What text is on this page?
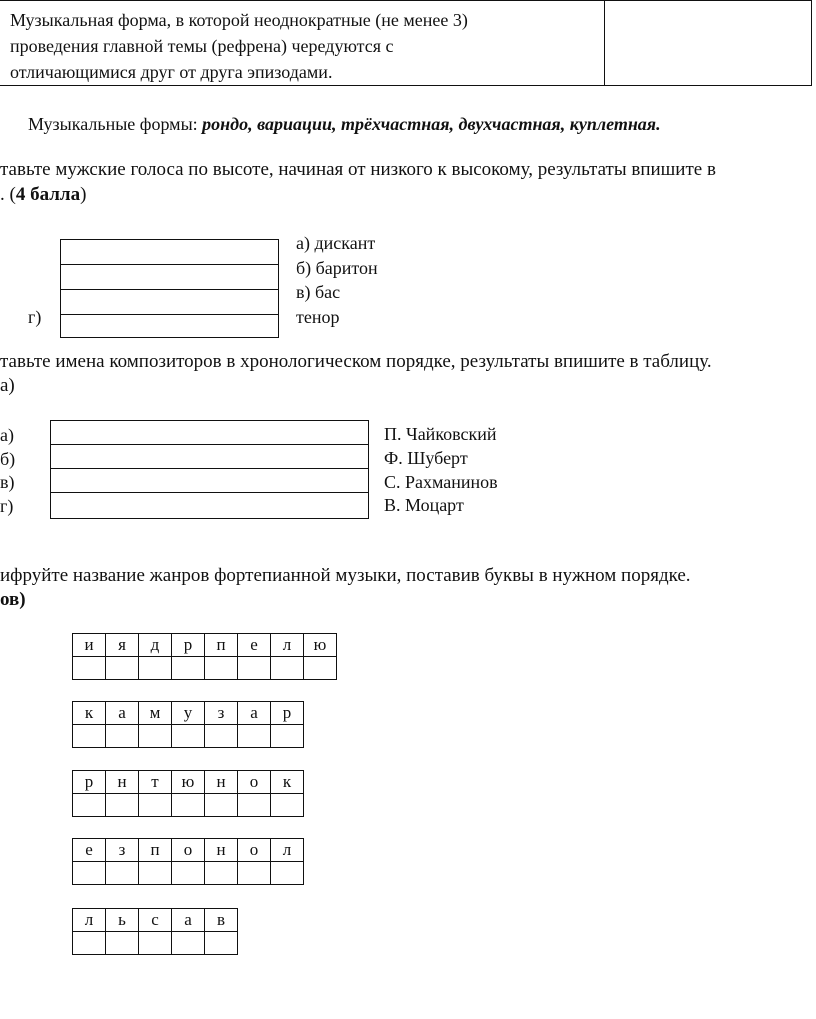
Музыкальная форма, в которой неоднократные (не менее 3)
проведения главной темы (рефрена) чередуются с
отличающимися друг от друга эпизодами.
Музыкальные формы: рондо, вариации, трёхчастная, двухчастная, куплетная.
тавьте мужские голоса по высоте, начиная от низкого к высокому, результаты впишите в
. (4 балла)
г)
а) дискант
б) баритон
в) бас
тенор
тавьте имена композиторов в хронологическом порядке, результаты впишите в таблицу.
а)
а)
б)
в)
г)
П. Чайковский
Ф. Шуберт
С. Рахманинов
В. Моцарт
ифруйте название жанров фортепианной музыки, поставив буквы в нужном порядке.
ов)
и	я	д	р	п	е	л	ю

к	а	м	у	з	а	р

р	н	т	ю	н	о	к

е	з	п	о	н	о	л

л	ь	с	а	в
